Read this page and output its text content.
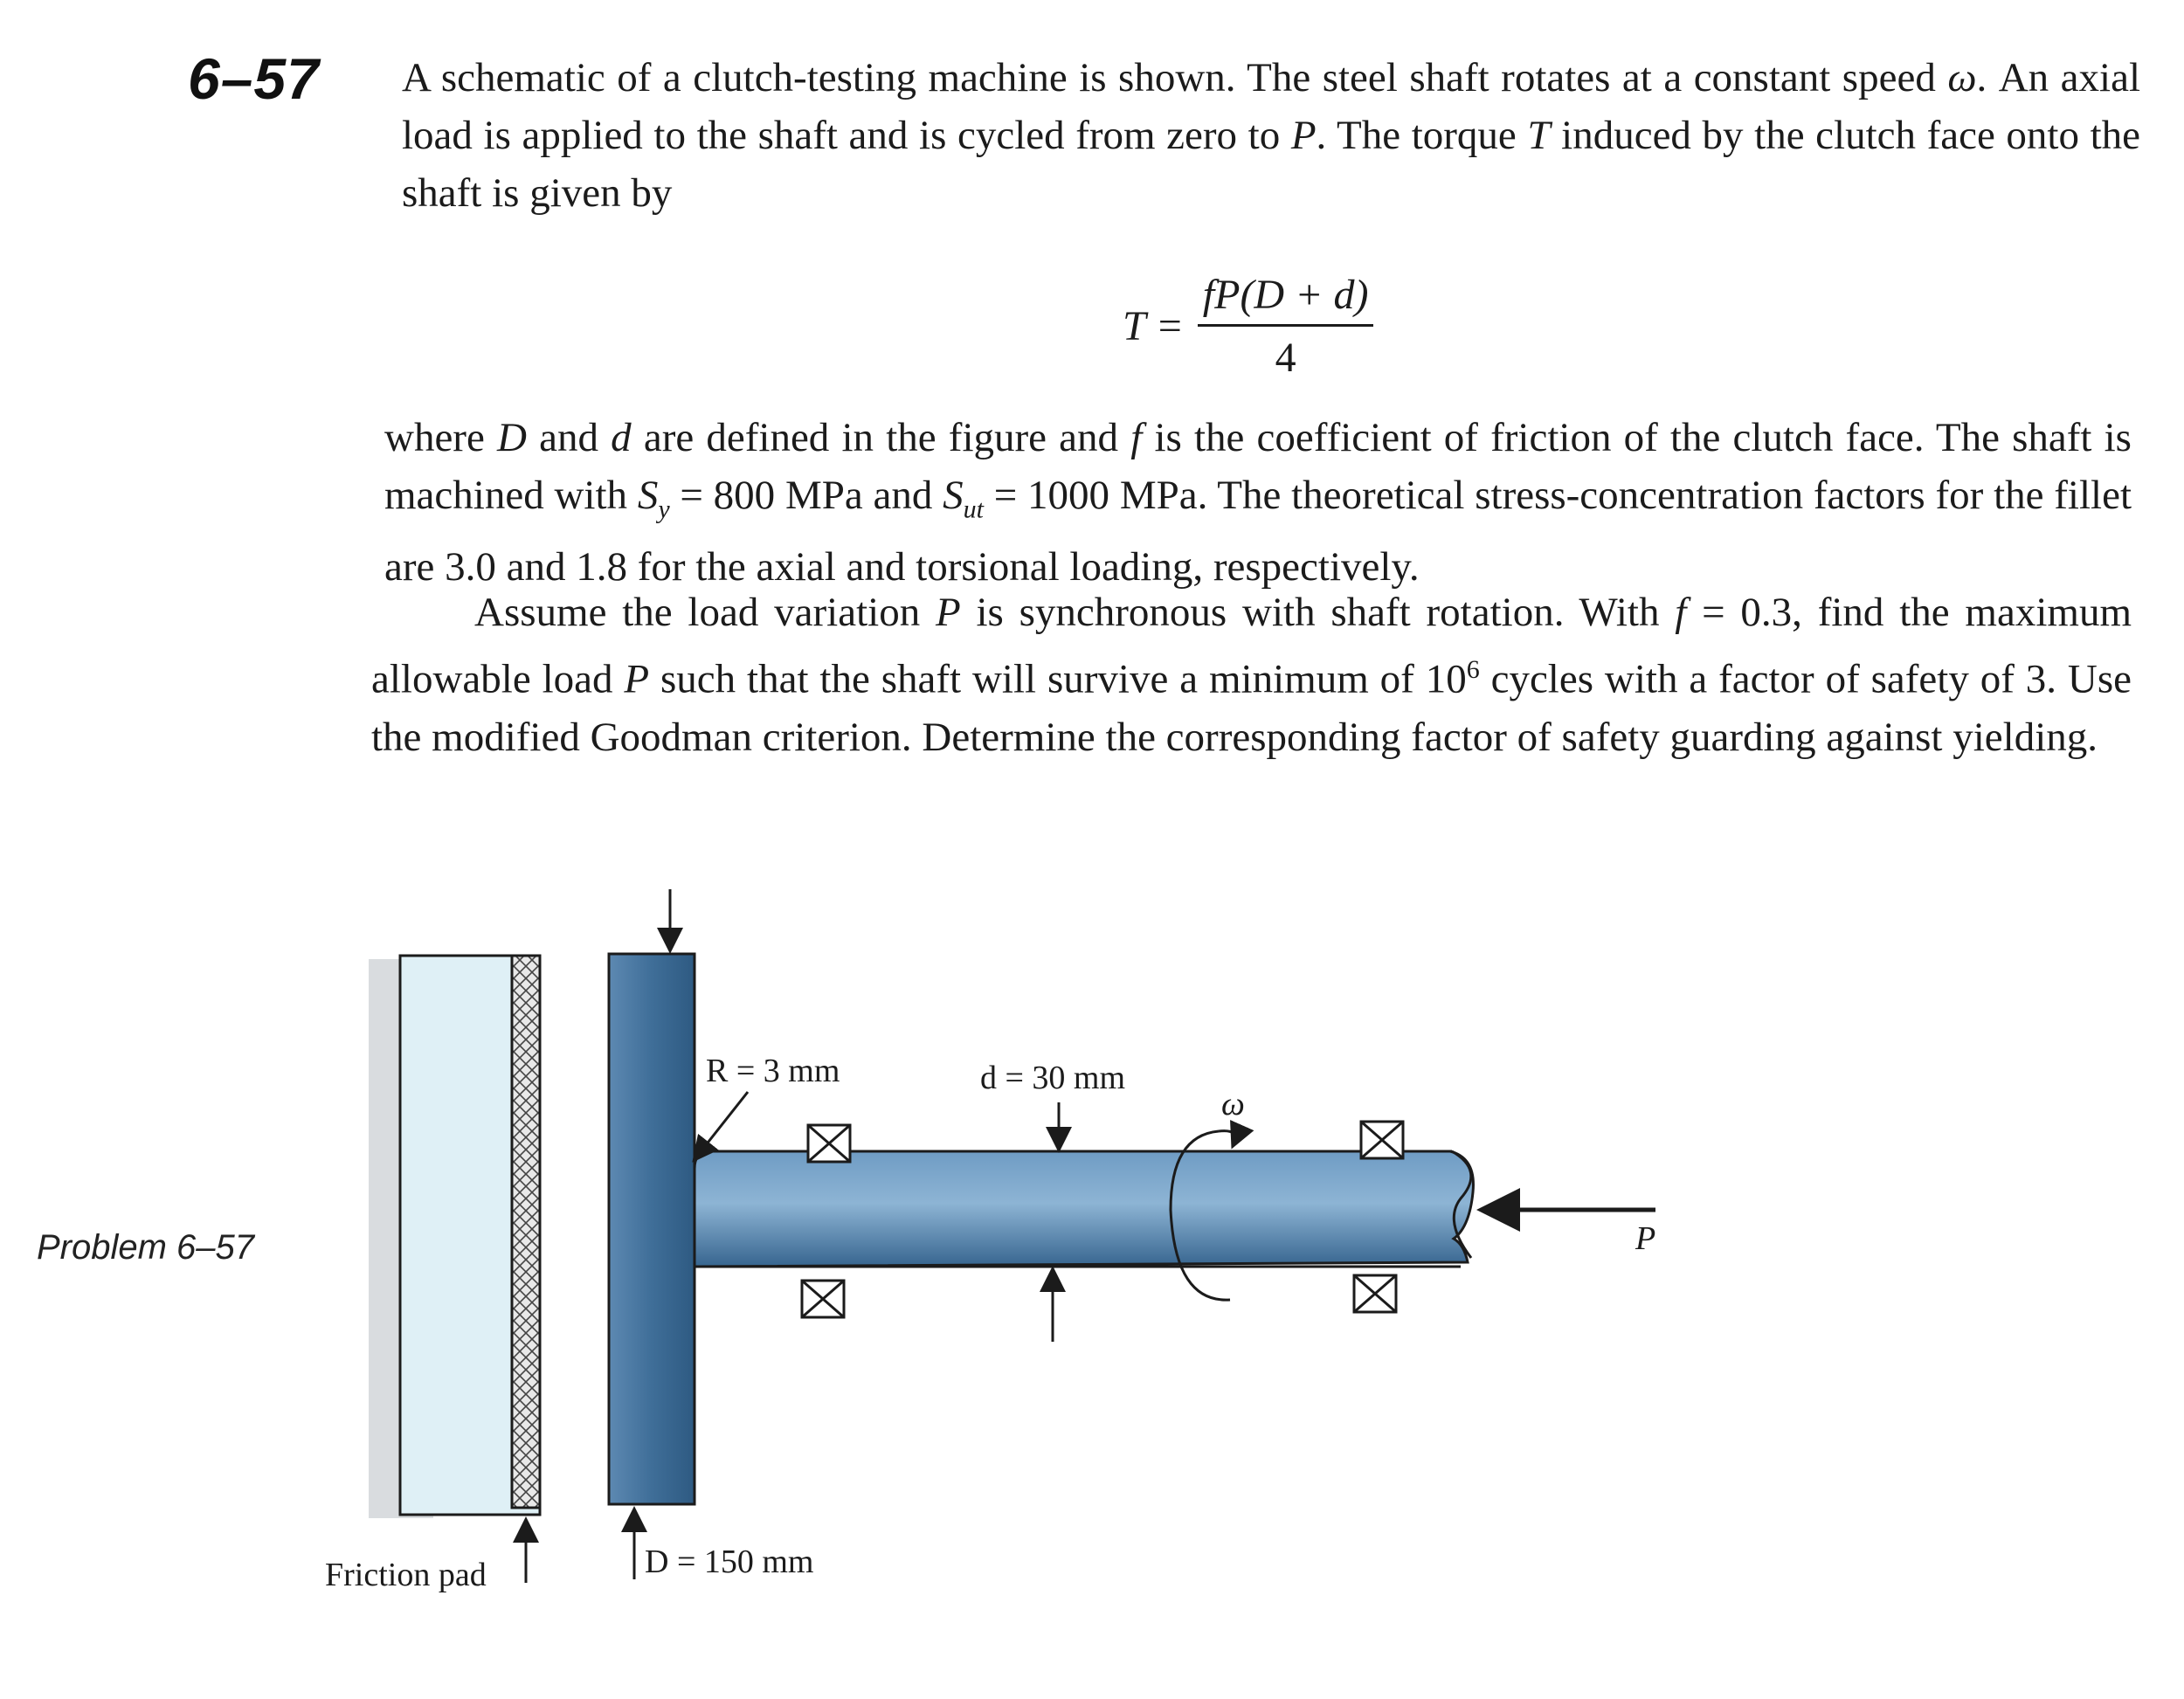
6–57 A schematic of a clutch-testing machine is shown. The steel shaft rotates at a constant speed ω. An axial load is applied to the shaft and is cycled from zero to P. The torque T induced by the clutch face onto the shaft is given by
$T = \frac{fP(D + d)}{4}$
where D and d are defined in the figure and f is the coefficient of friction of the clutch face. The shaft is machined with $S_y = 800$ MPa and $S_{ut} = 1000$ MPa. The theoretical stress-concentration factors for the fillet are 3.0 and 1.8 for the axial and torsional loading, respectively.
Assume the load variation P is synchronous with shaft rotation. With f = 0.3, find the maximum allowable load P such that the shaft will survive a minimum of $10^6$ cycles with a factor of safety of 3. Use the modified Goodman criterion. Determine the corresponding factor of safety guarding against yielding.
Problem 6–57
R = 3 mm	d = 30 mm
ω
P
Friction pad	D = 150 mm
